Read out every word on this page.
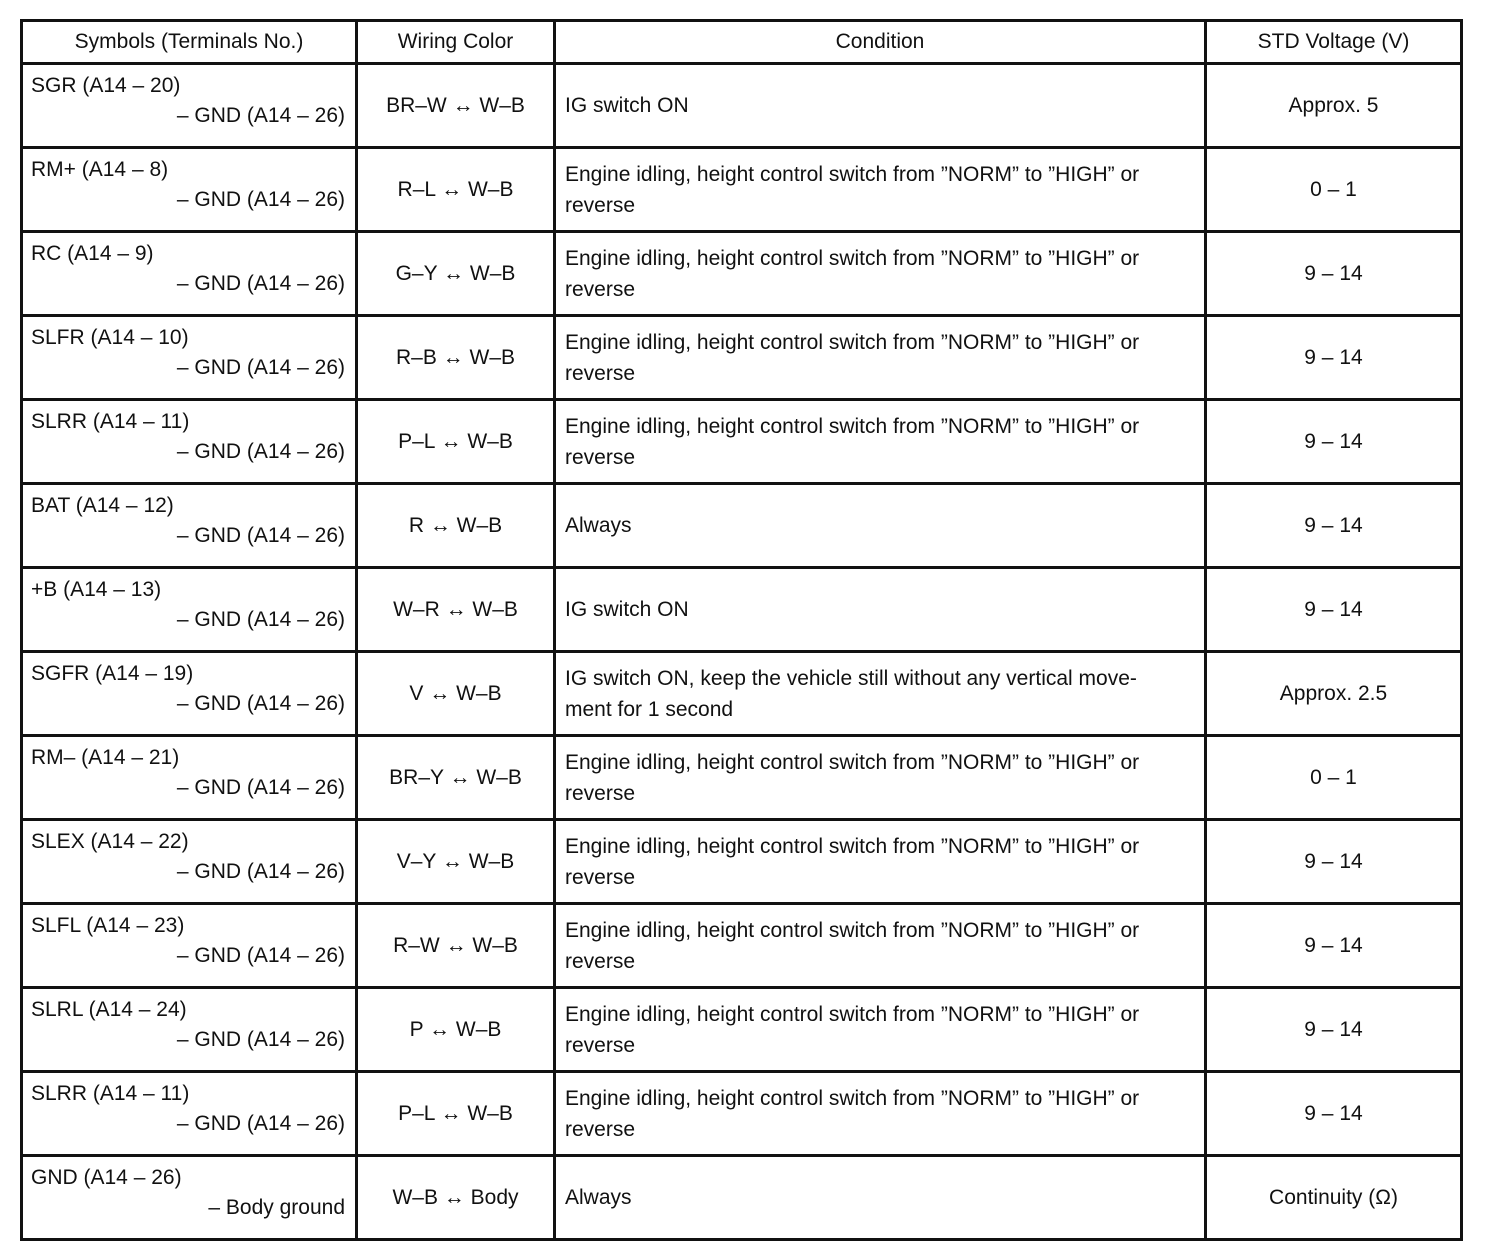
Symbols (Terminals No.)	Wiring Color	Condition	STD Voltage (V)

SGR (A14 – 20)
– GND (A14 – 26)	BR–W ↔ W–B	IG switch ON	Approx. 5

RM+ (A14 – 8)
– GND (A14 – 26)	R–L ↔ W–B	Engine idling, height control switch from ”NORM” to ”HIGH” or reverse	0 – 1

RC (A14 – 9)
– GND (A14 – 26)	G–Y ↔ W–B	Engine idling, height control switch from ”NORM” to ”HIGH” or reverse	9 – 14

SLFR (A14 – 10)
– GND (A14 – 26)	R–B ↔ W–B	Engine idling, height control switch from ”NORM” to ”HIGH” or reverse	9 – 14

SLRR (A14 – 11)
– GND (A14 – 26)	P–L ↔ W–B	Engine idling, height control switch from ”NORM” to ”HIGH” or reverse	9 – 14

BAT (A14 – 12)
– GND (A14 – 26)	R ↔ W–B	Always	9 – 14

+B (A14 – 13)
– GND (A14 – 26)	W–R ↔ W–B	IG switch ON	9 – 14

SGFR (A14 – 19)
– GND (A14 – 26)	V ↔ W–B	IG switch ON, keep the vehicle still without any vertical move- ment for 1 second	Approx. 2.5

RM– (A14 – 21)
– GND (A14 – 26)	BR–Y ↔ W–B	Engine idling, height control switch from ”NORM” to ”HIGH” or reverse	0 – 1

SLEX (A14 – 22)
– GND (A14 – 26)	V–Y ↔ W–B	Engine idling, height control switch from ”NORM” to ”HIGH” or reverse	9 – 14

SLFL (A14 – 23)
– GND (A14 – 26)	R–W ↔ W–B	Engine idling, height control switch from ”NORM” to ”HIGH” or reverse	9 – 14

SLRL (A14 – 24)
– GND (A14 – 26)	P ↔ W–B	Engine idling, height control switch from ”NORM” to ”HIGH” or reverse	9 – 14

SLRR (A14 – 11)
– GND (A14 – 26)	P–L ↔ W–B	Engine idling, height control switch from ”NORM” to ”HIGH” or reverse	9 – 14

GND (A14 – 26)
– Body ground	W–B ↔ Body	Always	Continuity (Ω)
